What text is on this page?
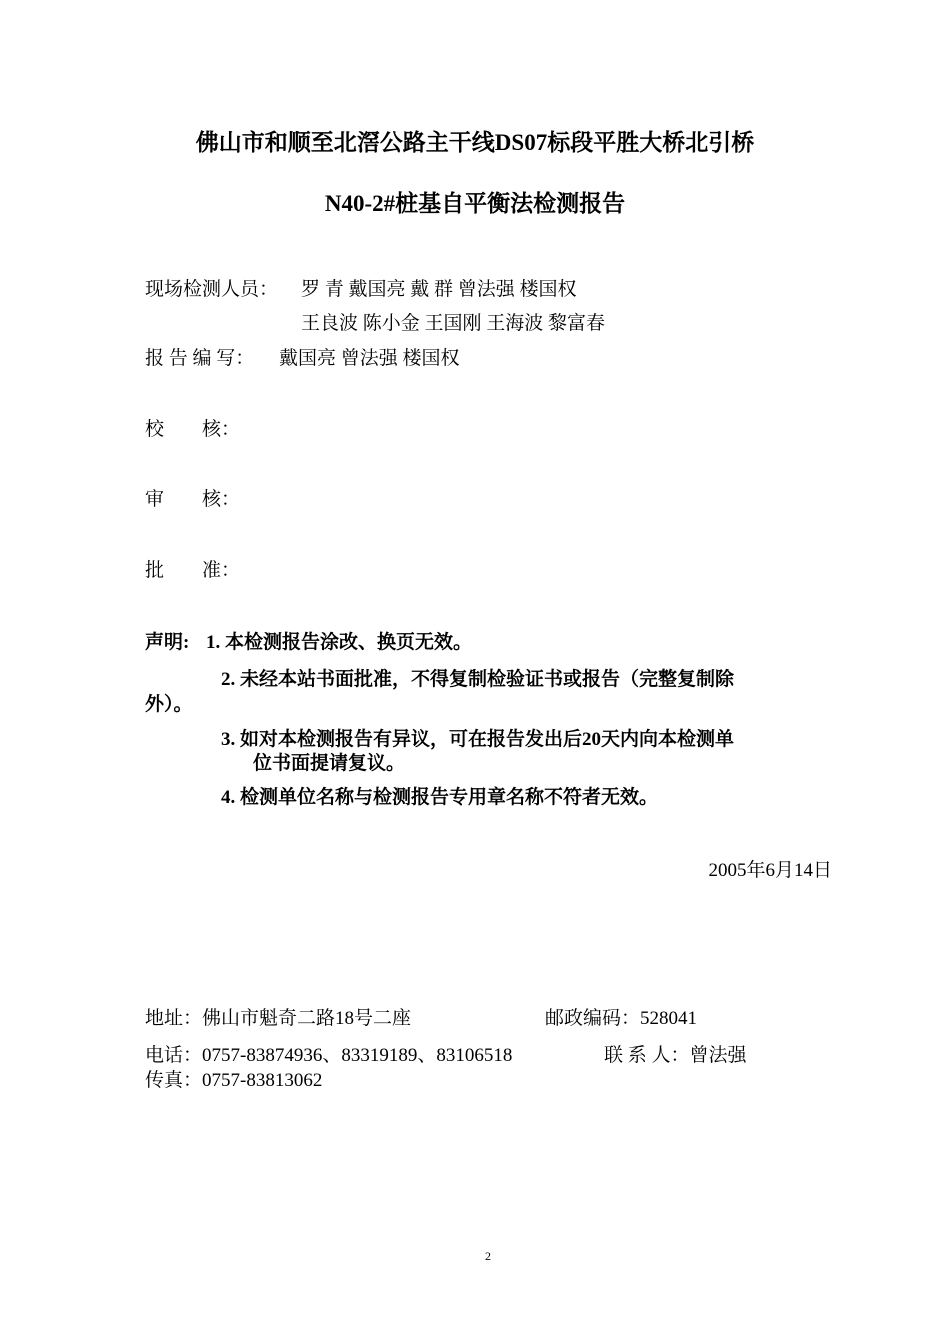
佛山市和顺至北滘公路主干线DS07标段平胜大桥北引桥
N40-2#桩基自平衡法检测报告
现场检测人员： 罗 青 戴国亮 戴 群 曾法强 楼国权
王良波 陈小金 王国刚 王海波 黎富春
报 告 编 写： 戴国亮 曾法强 楼国权
校        核：
审        核：
批        准：
声明: 1. 本检测报告涂改、换页无效。
2. 未经本站书面批准，不得复制检验证书或报告（完整复制除
外）。
3. 如对本检测报告有异议，可在报告发出后20天内向本检测单
位书面提请复议。
4. 检测单位名称与检测报告专用章名称不符者无效。
2005年6月14日
地址：佛山市魁奇二路18号二座	邮政编码：528041
电话：0757-83874936、83319189、83106518	联 系 人：曾法强
传真：0757-83813062
2
